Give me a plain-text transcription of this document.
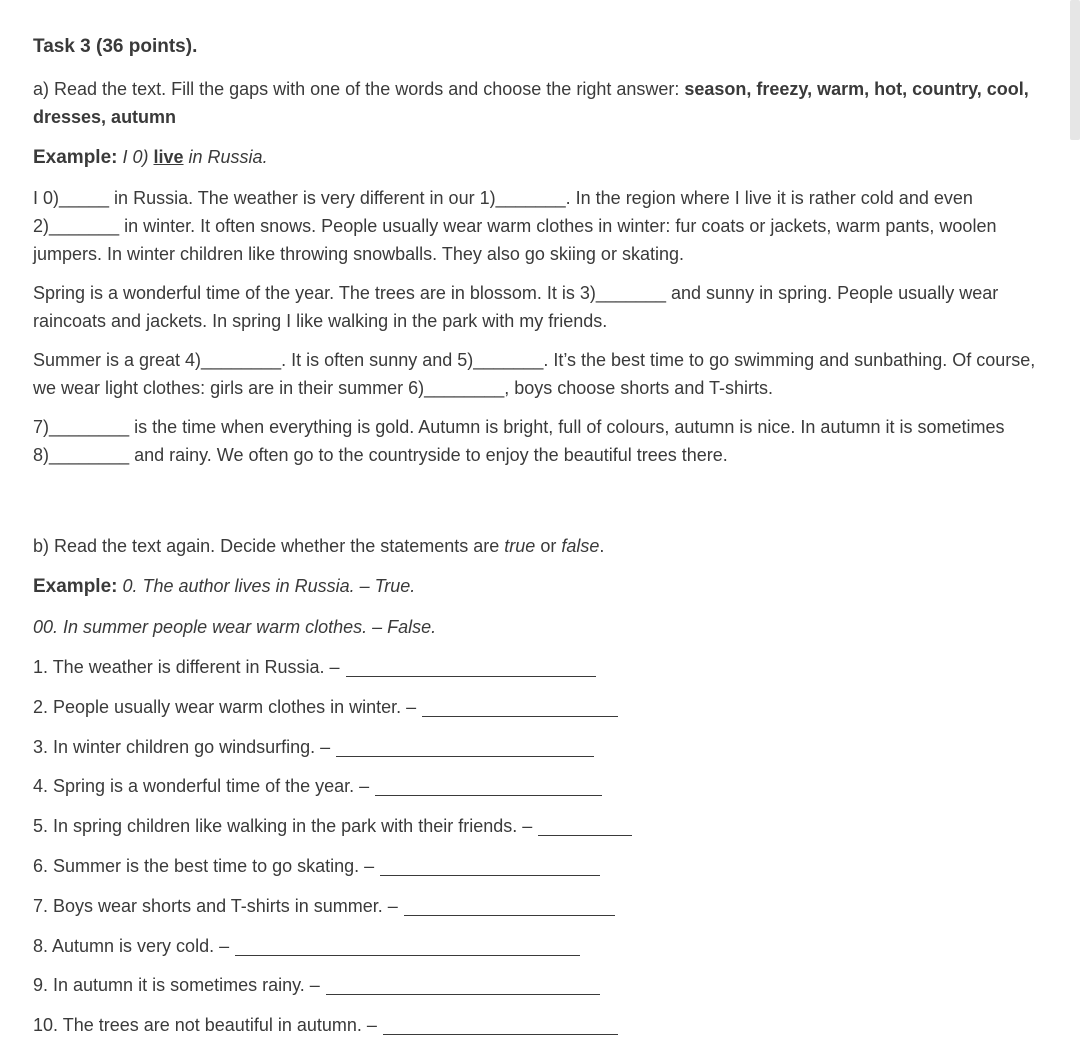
Task 3 (36 points).

a) Read the text. Fill the gaps with one of the words and choose the right answer: season, freezy, warm, hot, country, cool, dresses, autumn

Example: I 0) live in Russia.

I 0)_____ in Russia. The weather is very different in our 1)_______. In the region where I live it is rather cold and even 2)_______ in winter. It often snows. People usually wear warm clothes in winter: fur coats or jackets, warm pants, woolen jumpers. In winter children like throwing snowballs. They also go skiing or skating.

Spring is a wonderful time of the year. The trees are in blossom. It is 3)_______ and sunny in spring. People usually wear raincoats and jackets. In spring I like walking in the park with my friends.

Summer is a great 4)________. It is often sunny and 5)_______. It’s the best time to go swimming and sunbathing. Of course, we wear light clothes: girls are in their summer 6)________, boys choose shorts and T-shirts.

7)________ is the time when everything is gold. Autumn is bright, full of colours, autumn is nice. In autumn it is sometimes 8)________ and rainy. We often go to the countryside to enjoy the beautiful trees there.

b) Read the text again. Decide whether the statements are true or false.

Example: 0. The author lives in Russia. – True.

00. In summer people wear warm clothes. – False.

1. The weather is different in Russia. –
2. People usually wear warm clothes in winter. –
3. In winter children go windsurfing. –
4. Spring is a wonderful time of the year. –
5. In spring children like walking in the park with their friends. –
6. Summer is the best time to go skating. –
7. Boys wear shorts and T-shirts in summer. –
8. Autumn is very cold. –
9. In autumn it is sometimes rainy. –
10. The trees are not beautiful in autumn. –
